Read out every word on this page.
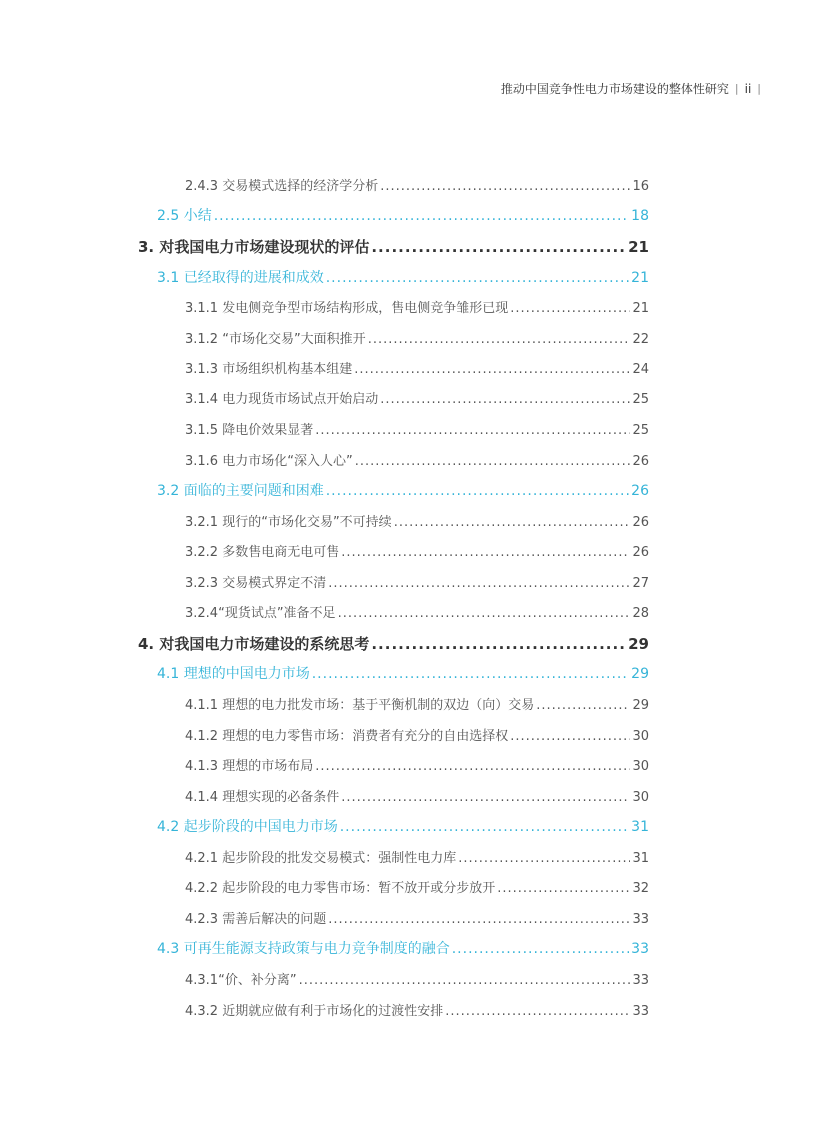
推动中国竞争性电力市场建设的整体性研究 | ii |
2.4.3 交易模式选择的经济学分析 .....	16
2.5 小结 .....	18
3. 对我国电力市场建设现状的评估 .....	21
3.1 已经取得的进展和成效 .....	21
3.1.1 发电侧竞争型市场结构形成，售电侧竞争雏形已现 .....	21
3.1.2 “市场化交易”大面积推开 .....	22
3.1.3 市场组织机构基本组建 .....	24
3.1.4 电力现货市场试点开始启动 .....	25
3.1.5 降电价效果显著 .....	25
3.1.6 电力市场化“深入人心” .....	26
3.2 面临的主要问题和困难 .....	26
3.2.1 现行的“市场化交易”不可持续 .....	26
3.2.2 多数售电商无电可售 .....	26
3.2.3 交易模式界定不清 .....	27
3.2.4“现货试点”准备不足 .....	28
4. 对我国电力市场建设的系统思考 .....	29
4.1 理想的中国电力市场 .....	29
4.1.1 理想的电力批发市场：基于平衡机制的双边（向）交易 .....	29
4.1.2 理想的电力零售市场：消费者有充分的自由选择权 .....	30
4.1.3 理想的市场布局 .....	30
4.1.4 理想实现的必备条件 .....	30
4.2 起步阶段的中国电力市场 .....	31
4.2.1 起步阶段的批发交易模式：强制性电力库 .....	31
4.2.2 起步阶段的电力零售市场：暂不放开或分步放开 .....	32
4.2.3 需善后解决的问题 .....	33
4.3 可再生能源支持政策与电力竞争制度的融合 .....	33
4.3.1“价、补分离” .....	33
4.3.2 近期就应做有利于市场化的过渡性安排 .....	33
